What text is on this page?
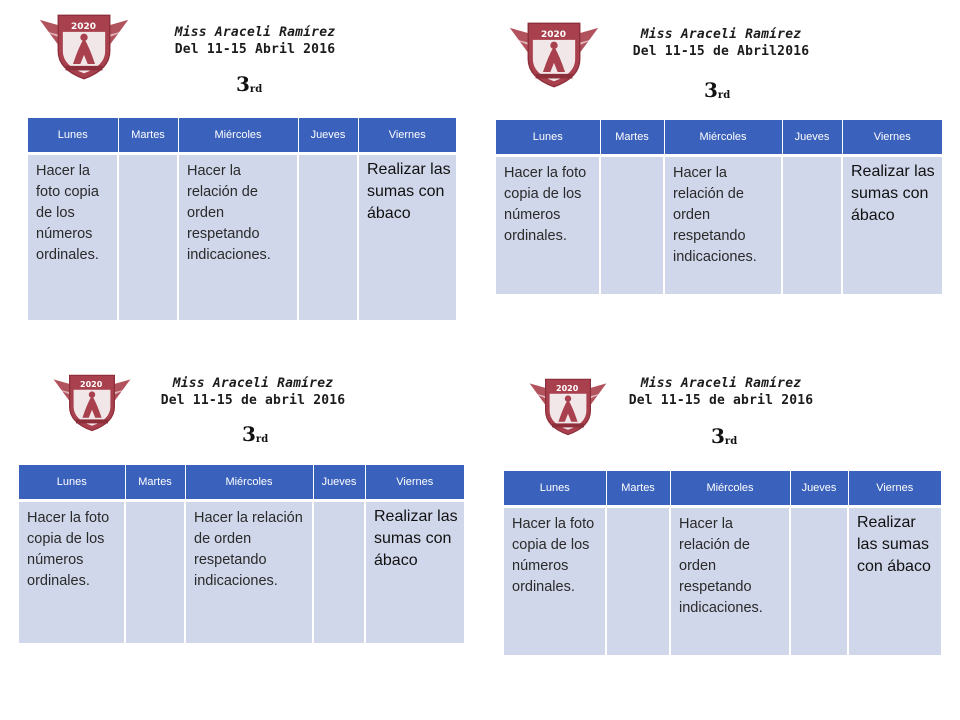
2020	Miss Araceli Ramírez
Del 11-15 Abril 2016
3rd
Lunes	Martes	Miércoles	Jueves	Viernes

Hacer la foto copia de los números ordinales.		Hacer la relación de orden respetando indicaciones.		Realizar las sumas con ábaco
2020	Miss Araceli Ramírez
Del 11-15 de Abril2016
3rd
Lunes	Martes	Miércoles	Jueves	Viernes

Hacer la foto copia de los números ordinales.		Hacer la relación de orden respetando indicaciones.		Realizar las sumas con ábaco
2020	Miss Araceli Ramírez
Del 11-15 de abril 2016
3rd
Lunes	Martes	Miércoles	Jueves	Viernes

Hacer la foto copia de los números ordinales.		Hacer la relación de orden respetando indicaciones.		Realizar las sumas con ábaco
2020	Miss Araceli Ramírez
Del 11-15 de abril 2016
3rd
Lunes	Martes	Miércoles	Jueves	Viernes

Hacer la foto copia de los números ordinales.		Hacer la relación de orden respetando indicaciones.		Realizar las sumas con ábaco
